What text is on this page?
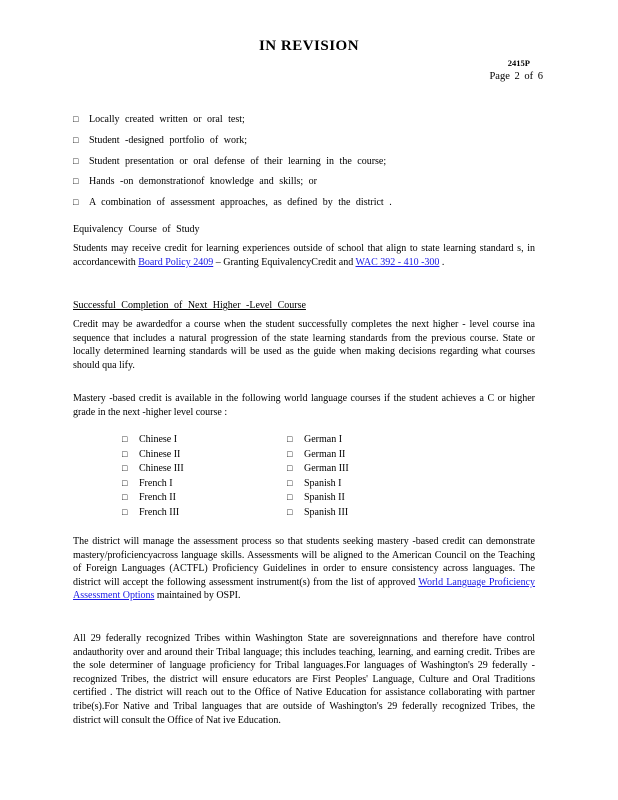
IN REVISION
2415P
Page 2 of 6
□ Locally created written or oral test;
□ Student -designed portfolio of work;
□ Student presentation or oral defense of their learning in the course;
□ Hands -on demonstrationof knowledge and skills; or
□ A combination of assessment approaches, as defined by the district .
Equivalency Course of Study
Students may receive credit for learning experiences outside of school that align to state learning standard s, in accordancewith Board Policy 2409 – Granting EquivalencyCredit and WAC 392 - 410 -300 .
Successful Completion of Next Higher -Level Course
Credit may be awardedfor a course when the student successfully completes the next higher - level course ina sequence that includes a natural progression of the state learning standards from the previous course. State or locally determined learning standards will be used as the guide when making decisions regarding what courses should qua lify.
Mastery -based credit is available in the following world language courses if the student achieves a C or higher grade in the next -higher level course :
□ Chinese I
□ Chinese II
□ Chinese III
□ French I
□ French II
□ French III
□ German I
□ German II
□ German III
□ Spanish I
□ Spanish II
□ Spanish III
The district will manage the assessment process so that students seeking mastery -based credit can demonstrate mastery/proficiencyacross language skills. Assessments will be aligned to the American Council on the Teaching of Foreign Languages (ACTFL) Proficiency Guidelines in order to ensure consistency across languages. The district will accept the following assessment instrument(s) from the list of approved World Language Proficiency Assessment Options maintained by OSPI.
All 29 federally recognized Tribes within Washington State are sovereignnations and therefore have control andauthority over and around their Tribal language; this includes teaching, learning, and earning credit. Tribes are the sole determiner of language proficiency for Tribal languages.For languages of Washington's 29 federally -recognized Tribes, the district will ensure educators are First Peoples' Language, Culture and Oral Traditions certified . The district will reach out to the Office of Native Education for assistance collaborating with partner tribe(s).For Native and Tribal languages that are outside of Washington's 29 federally recognized Tribes, the district will consult the Office of Nat ive Education.
